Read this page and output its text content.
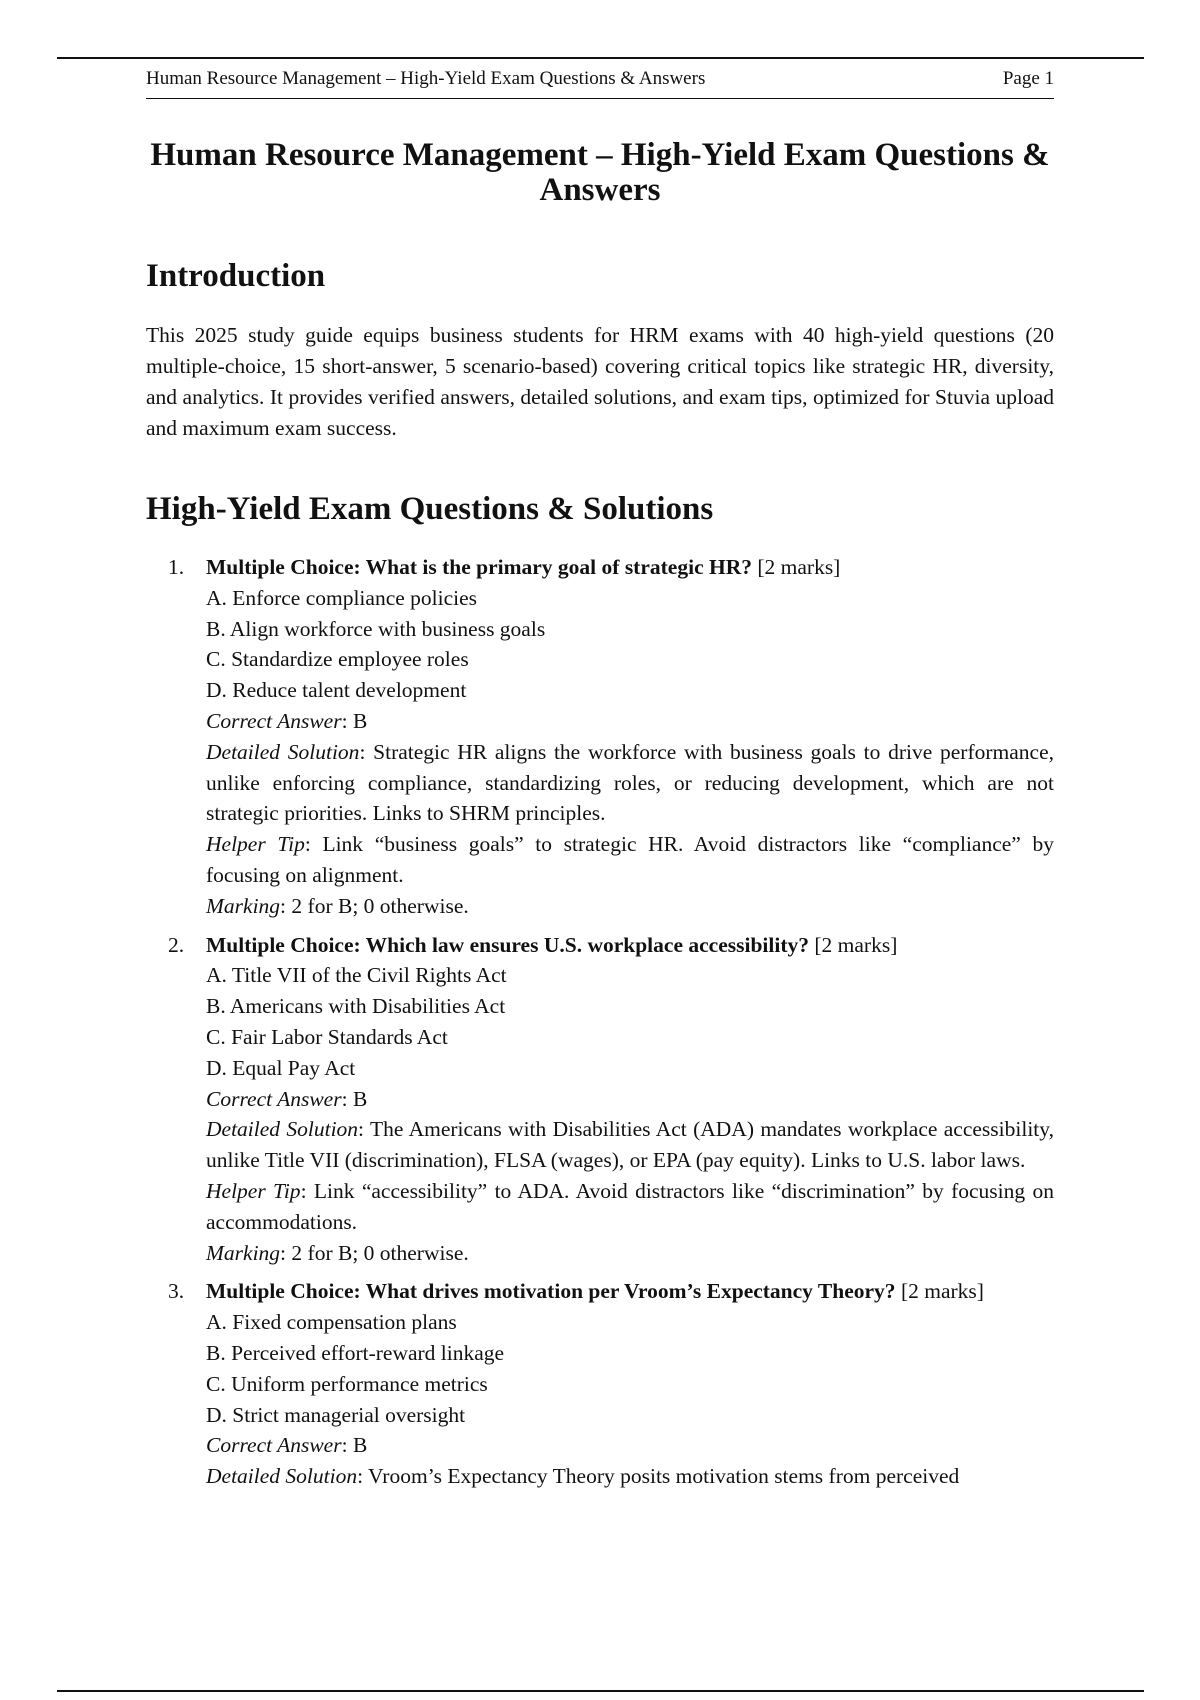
Human Resource Management – High-Yield Exam Questions & Answers	Page 1
Human Resource Management – High-Yield Exam Questions & Answers
Introduction

This 2025 study guide equips business students for HRM exams with 40 high-yield questions (20 multiple-choice, 15 short-answer, 5 scenario-based) covering critical topics like strategic HR, diversity, and analytics. It provides verified answers, detailed solutions, and exam tips, optimized for Stuvia upload and maximum exam success.

High-Yield Exam Questions & Solutions
1. Multiple Choice: What is the primary goal of strategic HR? [2 marks]
A. Enforce compliance policies
B. Align workforce with business goals
C. Standardize employee roles
D. Reduce talent development
Correct Answer: B
Detailed Solution: Strategic HR aligns the workforce with business goals to drive performance, unlike enforcing compliance, standardizing roles, or reducing development, which are not strategic priorities. Links to SHRM principles.
Helper Tip: Link “business goals” to strategic HR. Avoid distractors like “compliance” by focusing on alignment.
Marking: 2 for B; 0 otherwise.
2. Multiple Choice: Which law ensures U.S. workplace accessibility? [2 marks]
A. Title VII of the Civil Rights Act
B. Americans with Disabilities Act
C. Fair Labor Standards Act
D. Equal Pay Act
Correct Answer: B
Detailed Solution: The Americans with Disabilities Act (ADA) mandates workplace accessibility, unlike Title VII (discrimination), FLSA (wages), or EPA (pay equity). Links to U.S. labor laws.
Helper Tip: Link “accessibility” to ADA. Avoid distractors like “discrimination” by focusing on accommodations.
Marking: 2 for B; 0 otherwise.
3. Multiple Choice: What drives motivation per Vroom’s Expectancy Theory? [2 marks]
A. Fixed compensation plans
B. Perceived effort-reward linkage
C. Uniform performance metrics
D. Strict managerial oversight
Correct Answer: B
Detailed Solution: Vroom’s Expectancy Theory posits motivation stems from perceived
